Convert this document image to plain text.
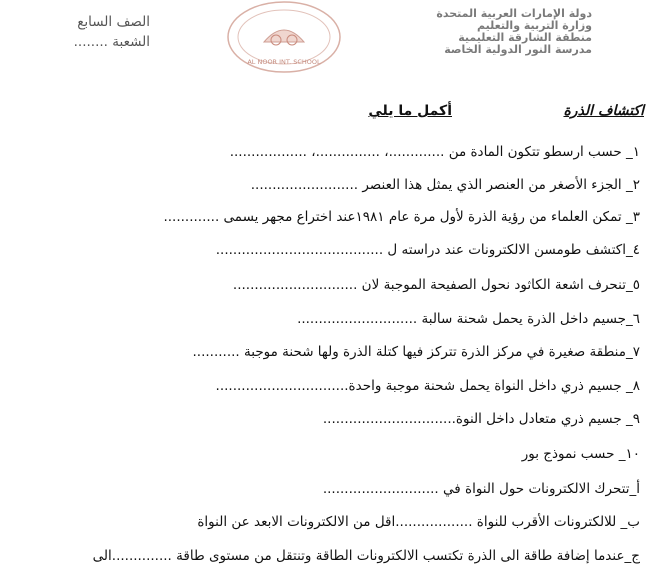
الصف السابع
الشعبة ........
AL NOOR INT. SCHOOL
دولة الإمارات العربية المتحدة
وزارة التربية والتعليم
منطقة الشارقة التعليمية
مدرسة النور الدولية الخاصة
اكتشاف الذرة
أكمل ما يلي
١_ حسب ارسطو تتكون المادة من .............، ...............، ..................
٢_ الجزء الأصغر من العنصر الذي يمثل هذا العنصر .........................
٣_ تمكن العلماء من رؤية الذرة لأول مرة عام ١٩٨١عند اختراع مجهر يسمى .............
٤_اكتشف طومسن الالكترونات عند دراسته ل .......................................
٥_تنحرف اشعة الكاثود نحول الصفيحة الموجبة لان .............................
٦_جسيم داخل الذرة يحمل شحنة سالبة ............................
٧_منطقة صغيرة في مركز الذرة تتركز فيها كتلة الذرة ولها شحنة موجبة ...........
٨_ جسيم ذري داخل النواة يحمل شحنة موجبة واحدة...............................
٩_ جسيم ذري متعادل داخل النوة...............................
١٠_ حسب نموذج بور
أ_تتحرك الالكترونات حول النواة في ...........................
ب_ للالكترونات الأقرب للنواة ..................اقل من الالكترونات الابعد عن النواة
ج_عندما إضافة طاقة الى الذرة تكتسب الالكترونات الطاقة وتنتقل من مستوى طاقة ..............الى
